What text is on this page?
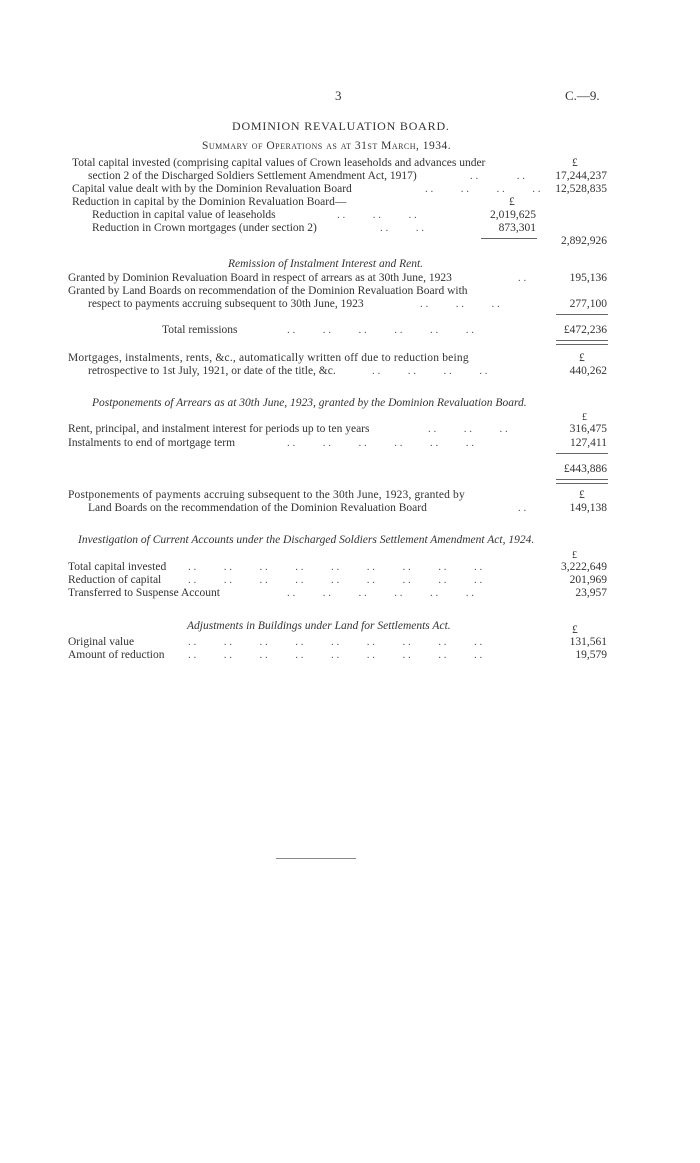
3	C.—9.
DOMINION REVALUATION BOARD.
Summary of Operations as at 31st March, 1934.
Total capital invested (comprising capital values of Crown leaseholds and advances under	£
section 2 of the Discharged Soldiers Settlement Amendment Act, 1917)	. .              . .	17,244,237
Capital value dealt with by the Dominion Revaluation Board	. .          . .          . .          . . 12,528,835
Reduction in capital by the Dominion Revaluation Board—	£
Reduction in capital value of leaseholds	. .          . .          . .	2,019,625
Reduction in Crown mortgages (under section 2)	. .          . .	873,301
2,892,926
Remission of Instalment Interest and Rent.
Granted by Dominion Revaluation Board in respect of arrears as at 30th June, 1923	. .	195,136
Granted by Land Boards on recommendation of the Dominion Revaluation Board with
respect to payments accruing subsequent to 30th June, 1923	. .          . .          . .	277,100
Total remissions	. .          . .          . .          . .          . .          . .	£472,236
Mortgages, instalments, rents, &c., automatically written off due to reduction being	£
retrospective to 1st July, 1921, or date of the title, &c.	. .          . .          . .          . .	440,262
Postponements of Arrears as at 30th June, 1923, granted by the Dominion Revaluation Board.
£
Rent, principal, and instalment interest for periods up to ten years	. .          . .          . .	316,475
Instalments to end of mortgage term	. .          . .          . .          . .          . .          . .	127,411
£443,886
Postponements of payments accruing subsequent to the 30th June, 1923, granted by	£
Land Boards on the recommendation of the Dominion Revaluation Board	. .	149,138
Investigation of Current Accounts under the Discharged Soldiers Settlement Amendment Act, 1924.
£
Total capital invested . .          . .          . .          . .          . .          . .          . .          . .          . .	3,222,649
Reduction of capital . .          . .          . .          . .          . .          . .          . .          . .          . .	201,969
Transferred to Suspense Account	. .          . .          . .          . .          . .          . .	23,957
Adjustments in Buildings under Land for Settlements Act.	£
Original value	. .          . .          . .          . .          . .          . .          . .          . .          . .	131,561
Amount of reduction . .          . .          . .          . .          . .          . .          . .          . .          . .	19,579
